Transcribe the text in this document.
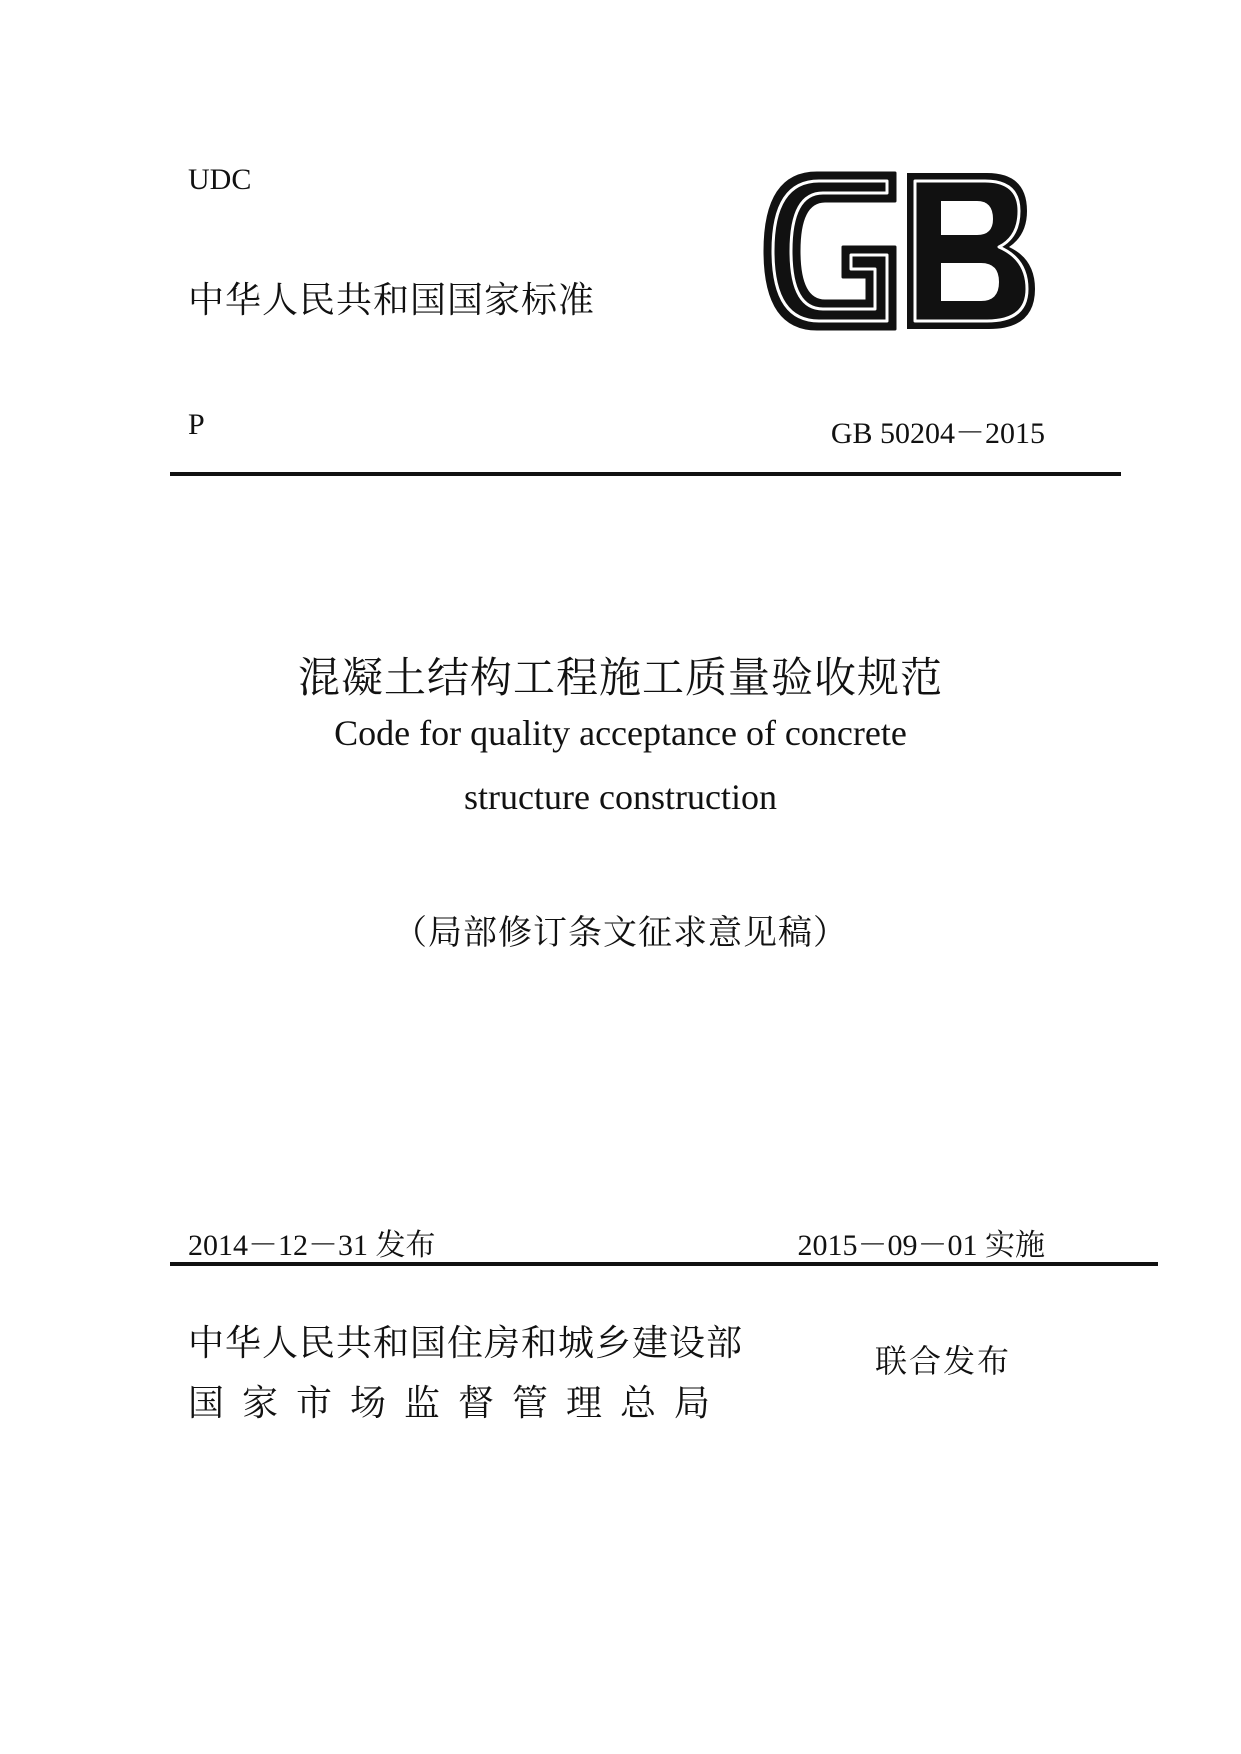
UDC
中华人民共和国国家标准
P	GB 50204－2015
混凝土结构工程施工质量验收规范
Code for quality acceptance of concrete
structure construction
（局部修订条文征求意见稿）
2014－12－31 发布	2015－09－01 实施
中华人民共和国住房和城乡建设部
国家市场监督管理总局
联合发布
